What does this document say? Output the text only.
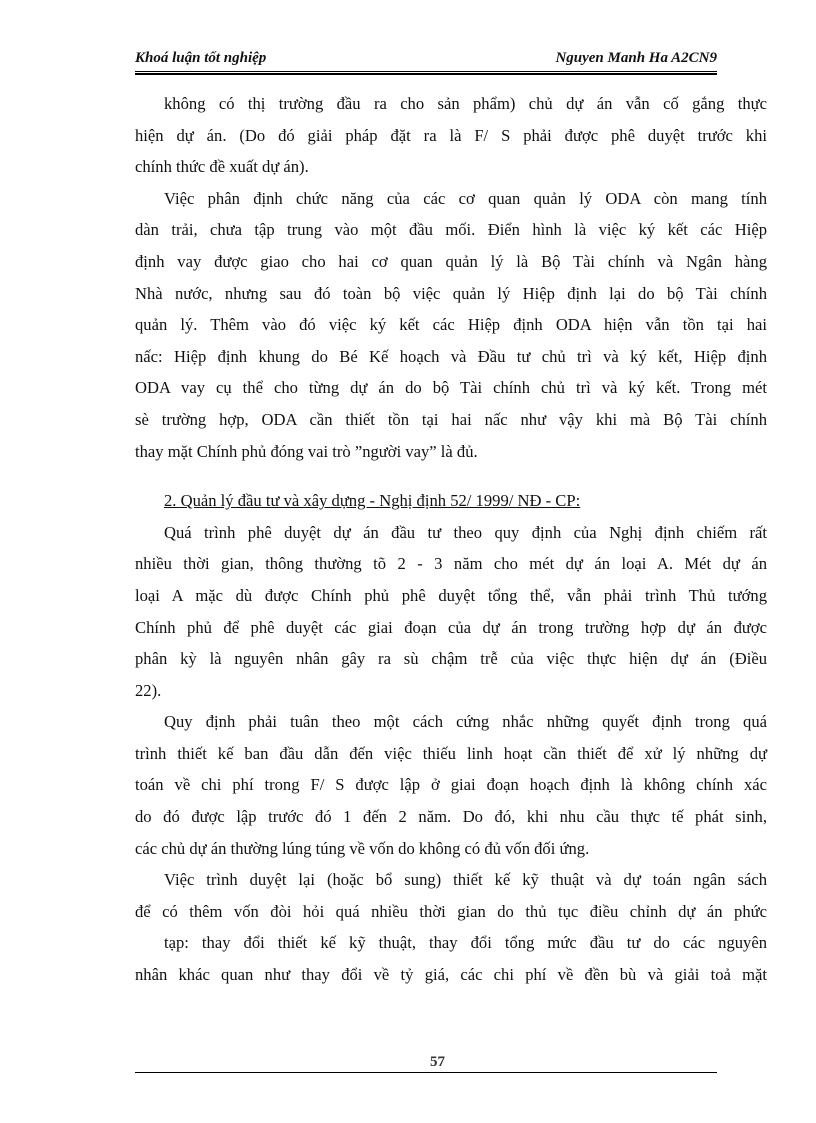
Khoá luận tốt nghiệp	Nguyen Manh Ha A2CN9
không có thị trường đầu ra cho sản phẩm) chủ dự án vẫn cố gắng thực
hiện dự án. (Do đó giải pháp đặt ra là F/ S phải được phê duyệt trước khi
chính thức đề xuất dự án).
Việc phân định chức năng của các cơ quan quản lý ODA còn mang tính
dàn trải, chưa tập trung vào một đầu mối. Điển hình là việc ký kết các Hiệp
định vay được giao cho hai cơ quan quản lý là Bộ Tài chính và Ngân hàng
Nhà nước, nhưng sau đó toàn bộ việc quản lý Hiệp định lại do bộ Tài chính
quản lý. Thêm vào đó việc ký kết các Hiệp định ODA hiện vẫn tồn tại hai
nấc: Hiệp định khung do Bé Kế hoạch và Đầu tư chủ trì và ký kết, Hiệp định
ODA vay cụ thể cho từng dự án do bộ Tài chính chủ trì và ký kết. Trong mét
sè trường hợp, ODA cần thiết tồn tại hai nấc như vậy khi mà Bộ Tài chính
thay mặt Chính phủ đóng vai trò ”người vay” là đủ.
2. Quản lý đầu tư và xây dựng - Nghị định 52/ 1999/ NĐ - CP:
Quá trình phê duyệt dự án đầu tư theo quy định của Nghị định chiếm rất
nhiều thời gian, thông thường tõ 2 - 3 năm cho mét dự án loại A. Mét dự án
loại A mặc dù được Chính phủ phê duyệt tổng thể, vẫn phải trình Thủ tướng
Chính phủ để phê duyệt các giai đoạn của dự án trong trường hợp dự án được
phân kỳ là nguyên nhân gây ra sù chậm trễ của việc thực hiện dự án (Điều
22).
Quy định phải tuân theo một cách cứng nhắc những quyết định trong quá
trình thiết kế ban đầu dẫn đến việc thiếu linh hoạt cần thiết để xử lý những dự
toán về chi phí trong F/ S được lập ở giai đoạn hoạch định là không chính xác
do đó được lập trước đó 1 đến 2 năm. Do đó, khi nhu cầu thực tế phát sinh,
các chủ dự án thường lúng túng về vốn do không có đủ vốn đối ứng.
Việc trình duyệt lại (hoặc bổ sung) thiết kế kỹ thuật và dự toán ngân sách
để có thêm vốn đòi hỏi quá nhiều thời gian do thủ tục điều chỉnh dự án phức
tạp: thay đổi thiết kế kỹ thuật, thay đổi tổng mức đầu tư do các nguyên
nhân khác quan như thay đổi về tỷ giá, các chi phí về đền bù và giải toả mặt
57
